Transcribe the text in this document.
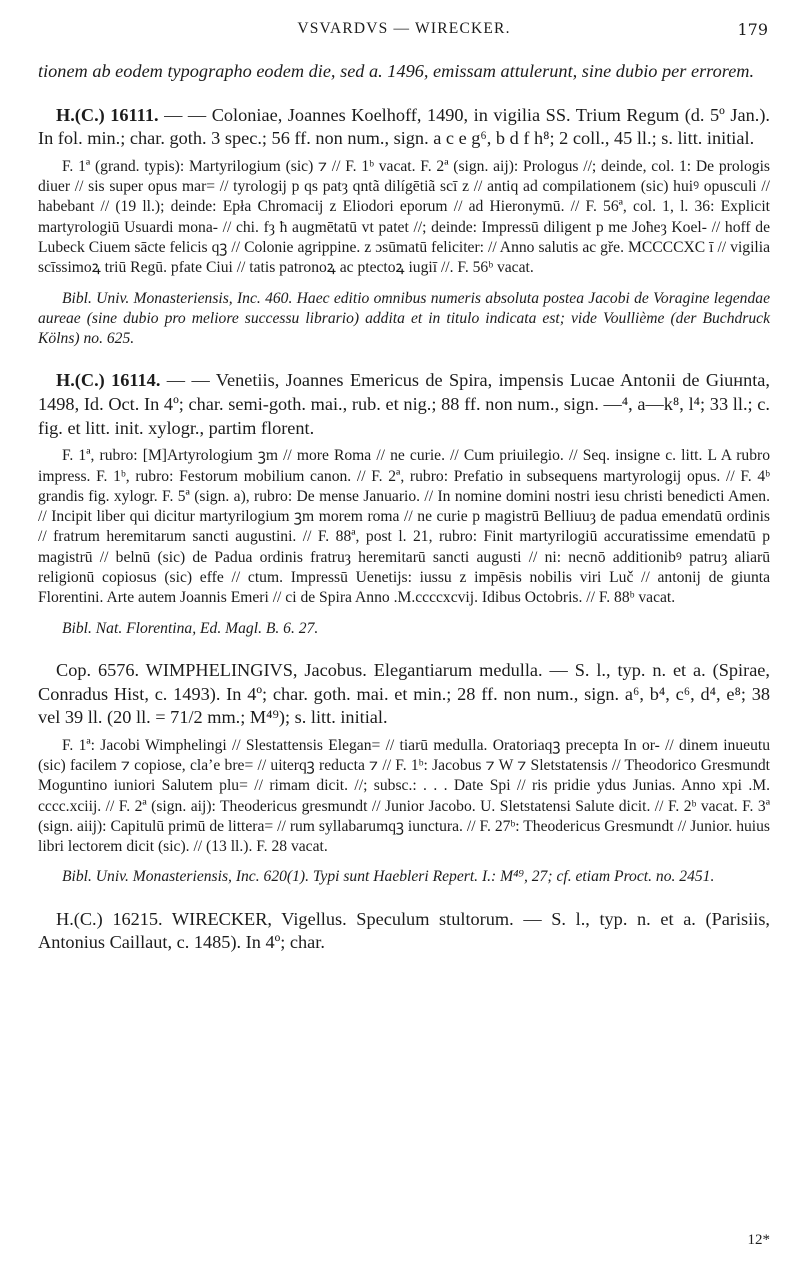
VSVARDVS — WIRECKER.	179

tionem ab eodem typographo eodem die, sed a. 1496, emissam attulerunt, sine dubio per errorem.

H.(C.) 16111. — — Coloniae, Joannes Koelhoff, 1490, in vigilia SS. Trium Regum (d. 5º Jan.). In fol. min.; char. goth. 3 spec.; 56 ff. non num., sign. a c e g⁶, b d f h⁸; 2 coll., 45 ll.; s. litt. initial.

F. 1ª (grand. typis): Martyrilogium (sic) ⁊ // F. 1ᵇ vacat. F. 2ª (sign. aij): Prologus //; deinde, col. 1: De prologis diuer // sis super opus mar= // tyrologij p qs patȝ qntã dilígētiã scī z // antiq ad compilationem (sic) huiꝰ opusculi // habebant // (19 ll.); deinde: Epła Chromacij z Eliodori eporum // ad Hieronymū. // F. 56ª, col. 1, l. 36: Explicit martyrologiū Usuardi mona- // chi. fȝ ħ augmētatū vt patet //; deinde: Impressū diligent p me Joħeȝ Koel- // hoff de Lubeck Ciuem sācte felicis qꝫ // Colonie agrippine. z ɔsūmatū feliciter: // Anno salutis ac gře. MCCCCXC ī // vigilia scīssimoꝝ triū Regū. pfate Ciui // tatis patronoꝝ ac ptectoꝝ iugiī //. F. 56ᵇ vacat.

Bibl. Univ. Monasteriensis, Inc. 460. Haec editio omnibus numeris absoluta postea Jacobi de Voragine legendae aureae (sine dubio pro meliore successu librario) addita et in titulo indicata est; vide Voullième (der Buchdruck Kölns) no. 625.

H.(C.) 16114. — — Venetiis, Joannes Emericus de Spira, impensis Lucae Antonii de Giuнnta, 1498, Id. Oct. In 4º; char. semi-goth. mai., rub. et nig.; 88 ff. non num., sign. —⁴, a—k⁸, l⁴; 33 ll.; c. fig. et litt. init. xylogr., partim florent.

F. 1ª, rubro: [M]Artyrologium ꝫm // more Roma // ne curie. // Cum priuilegio. // Seq. insigne c. litt. L A rubro impress. F. 1ᵇ, rubro: Festorum mobilium canon. // F. 2ª, rubro: Prefatio in subsequens martyrologij opus. // F. 4ᵇ grandis fig. xylogr. F. 5ª (sign. a), rubro: De mense Januario. // In nomine domini nostri iesu christi benedicti Amen. // Incipit liber qui dicitur martyrilogium ꝫm morem roma // ne curie p magistrū Belliuuȝ de padua emendatū ordinis // fratrum heremitarum sancti augustini. // F. 88ª, post l. 21, rubro: Finit martyrilogiū accuratissime emendatū p magistrū // belnū (sic) de Padua ordinis fratruȝ heremitarū sancti augusti // ni: necnō additionibꝰ patruȝ aliarū religionū copiosus (sic) effe // ctum. Impressū Uenetijs: iussu z impēsis nobilis viri Luč // antonij de giunta Florentini. Arte autem Joannis Emeri // ci de Spira Anno .M.ccccxcvij. Idibus Octobris. // F. 88ᵇ vacat.

Bibl. Nat. Florentina, Ed. Magl. B. 6. 27.

Cop. 6576. WIMPHELINGIVS, Jacobus. Elegantiarum medulla. — S. l., typ. n. et a. (Spirae, Conradus Hist, c. 1493). In 4º; char. goth. mai. et min.; 28 ff. non num., sign. a⁶, b⁴, c⁶, d⁴, e⁸; 38 vel 39 ll. (20 ll. = 71/2 mm.; M⁴⁹); s. litt. initial.

F. 1ª: Jacobi Wimphelingi // Slestattensis Elegan= // tiarū medulla. Oratoriaqꝫ precepta In or- // dinem inueutu (sic) facilem ⁊ copiose, cla’e bre= // uiterqꝫ reducta ⁊ // F. 1ᵇ: Jacobus ⁊ W ⁊ Sletstatensis // Theodorico Gresmundt Moguntino iuniori Salutem plu= // rimam dicit. //; subsc.: . . . Date Spi // ris pridie ydus Junias. Anno xpi .M. cccc.xciij. // F. 2ª (sign. aij): Theodericus gresmundt // Junior Jacobo. U. Sletstatensi Salute dicit. // F. 2ᵇ vacat. F. 3ª (sign. aiij): Capitulū primū de littera= // rum syllabarumqꝫ iunctura. // F. 27ᵇ: Theodericus Gresmundt // Junior. huius libri lectorem dicit (sic). // (13 ll.). F. 28 vacat.

Bibl. Univ. Monasteriensis, Inc. 620(1). Typi sunt Haebleri Repert. I.: M⁴⁹, 27; cf. etiam Proct. no. 2451.

H.(C.) 16215. WIRECKER, Vigellus. Speculum stultorum. — S. l., typ. n. et a. (Parisiis, Antonius Caillaut, c. 1485). In 4º; char.

12*
